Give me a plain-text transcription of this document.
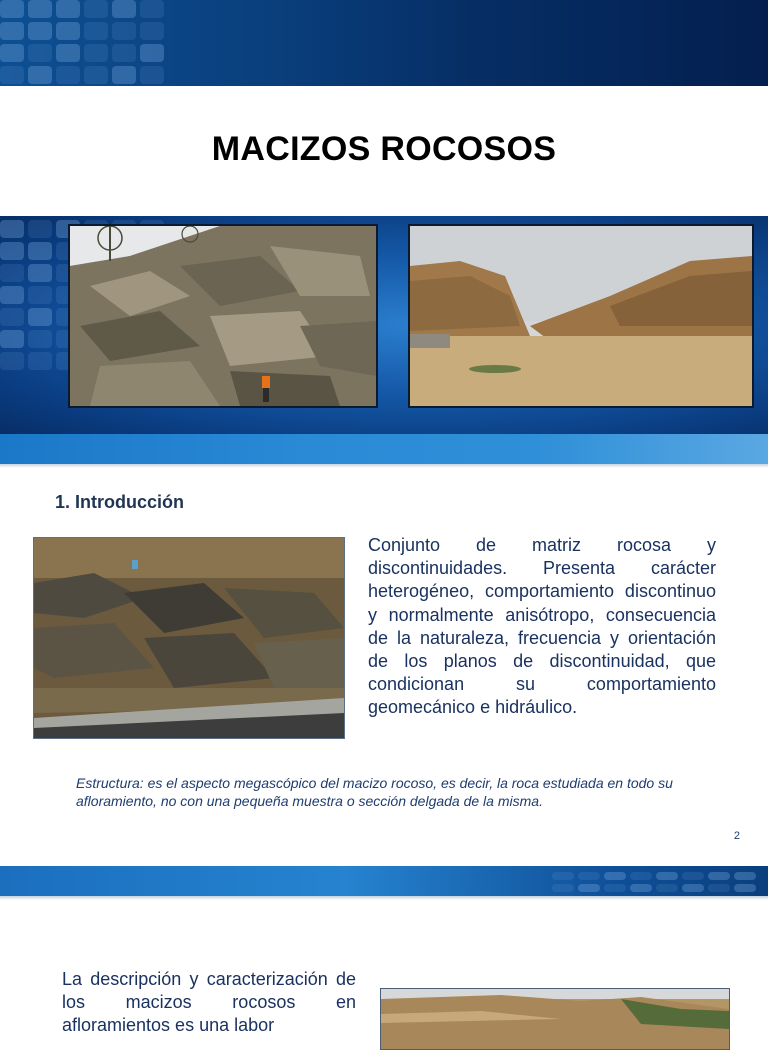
MACIZOS ROCOSOS
1. Introducción

Conjunto de matriz rocosa y discontinuidades. Presenta carácter heterogéneo, comportamiento discontinuo y normalmente anisótropo, consecuencia de la naturaleza, frecuencia y orientación de los planos de discontinuidad, que condicionan su comportamiento geomecánico e hidráulico.

Estructura: es el aspecto megascópico del macizo rocoso, es decir, la roca estudiada en todo su afloramiento, no con una pequeña muestra o sección delgada de la misma.

2

La descripción y caracterización de los macizos rocosos en afloramientos es una labor
